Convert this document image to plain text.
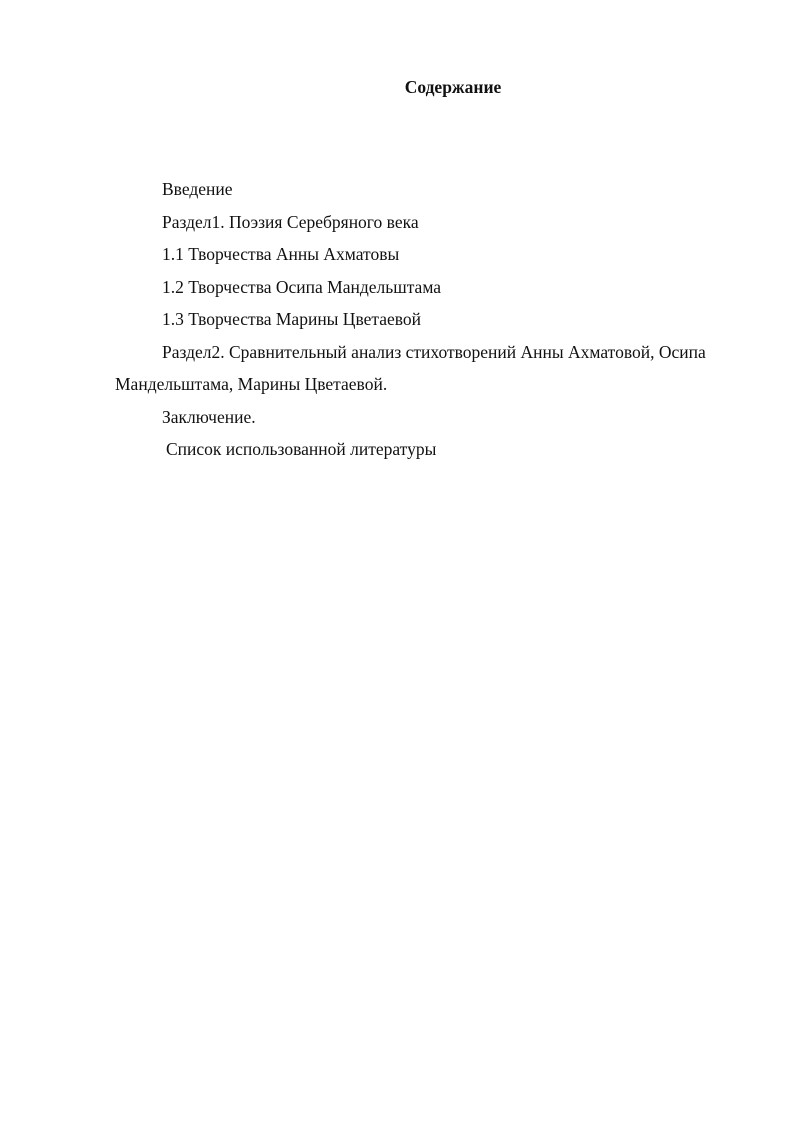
Содержание
Введение
Раздел1. Поэзия Серебряного века
1.1 Творчества Анны Ахматовы
1.2 Творчества Осипа Мандельштама
1.3 Творчества Марины Цветаевой
Раздел2. Сравнительный анализ стихотворений Анны Ахматовой, Осипа Мандельштама, Марины Цветаевой.
Заключение.
Список использованной литературы
